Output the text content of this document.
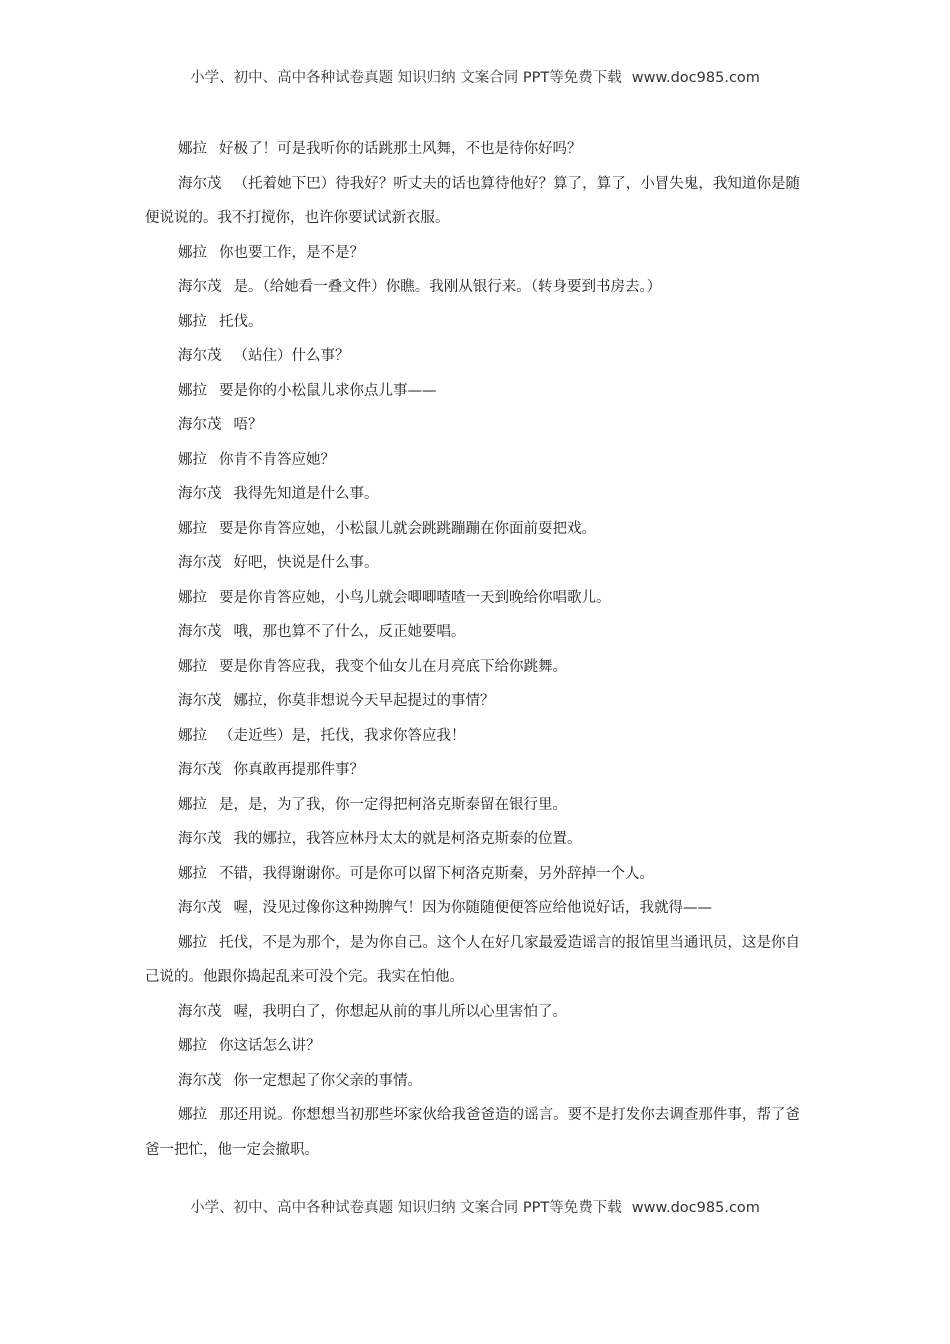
小学、初中、高中各种试卷真题 知识归纳 文案合同 PPT等免费下载 www.doc985.com

娜拉 好极了！可是我听你的话跳那土风舞，不也是待你好吗？

海尔茂 （托着她下巴）待我好？听丈夫的话也算待他好？算了，算了，小冒失鬼，我知道你是随便说说的。我不打搅你，也许你要试试新衣服。

娜拉 你也要工作，是不是？

海尔茂 是。（给她看一叠文件）你瞧。我刚从银行来。（转身要到书房去。）

娜拉 托伐。

海尔茂 （站住）什么事？

娜拉 要是你的小松鼠儿求你点儿事——

海尔茂 唔？

娜拉 你肯不肯答应她？

海尔茂 我得先知道是什么事。

娜拉 要是你肯答应她，小松鼠儿就会跳跳蹦蹦在你面前耍把戏。

海尔茂 好吧，快说是什么事。

娜拉 要是你肯答应她，小鸟儿就会唧唧喳喳一天到晚给你唱歌儿。

海尔茂 哦，那也算不了什么，反正她要唱。

娜拉 要是你肯答应我，我变个仙女儿在月亮底下给你跳舞。

海尔茂 娜拉，你莫非想说今天早起提过的事情？

娜拉 （走近些）是，托伐，我求你答应我！

海尔茂 你真敢再提那件事？

娜拉 是，是，为了我，你一定得把柯洛克斯泰留在银行里。

海尔茂 我的娜拉，我答应林丹太太的就是柯洛克斯泰的位置。

娜拉 不错，我得谢谢你。可是你可以留下柯洛克斯秦，另外辞掉一个人。

海尔茂 喔，没见过像你这种拗脾气！因为你随随便便答应给他说好话，我就得——

娜拉 托伐，不是为那个，是为你自己。这个人在好几家最爱造谣言的报馆里当通讯员，这是你自己说的。他跟你捣起乱来可没个完。我实在怕他。

海尔茂 喔，我明白了，你想起从前的事儿所以心里害怕了。

娜拉 你这话怎么讲？

海尔茂 你一定想起了你父亲的事情。

娜拉 那还用说。你想想当初那些坏家伙给我爸爸造的谣言。要不是打发你去调查那件事，帮了爸爸一把忙，他一定会撤职。

小学、初中、高中各种试卷真题 知识归纳 文案合同 PPT等免费下载 www.doc985.com
